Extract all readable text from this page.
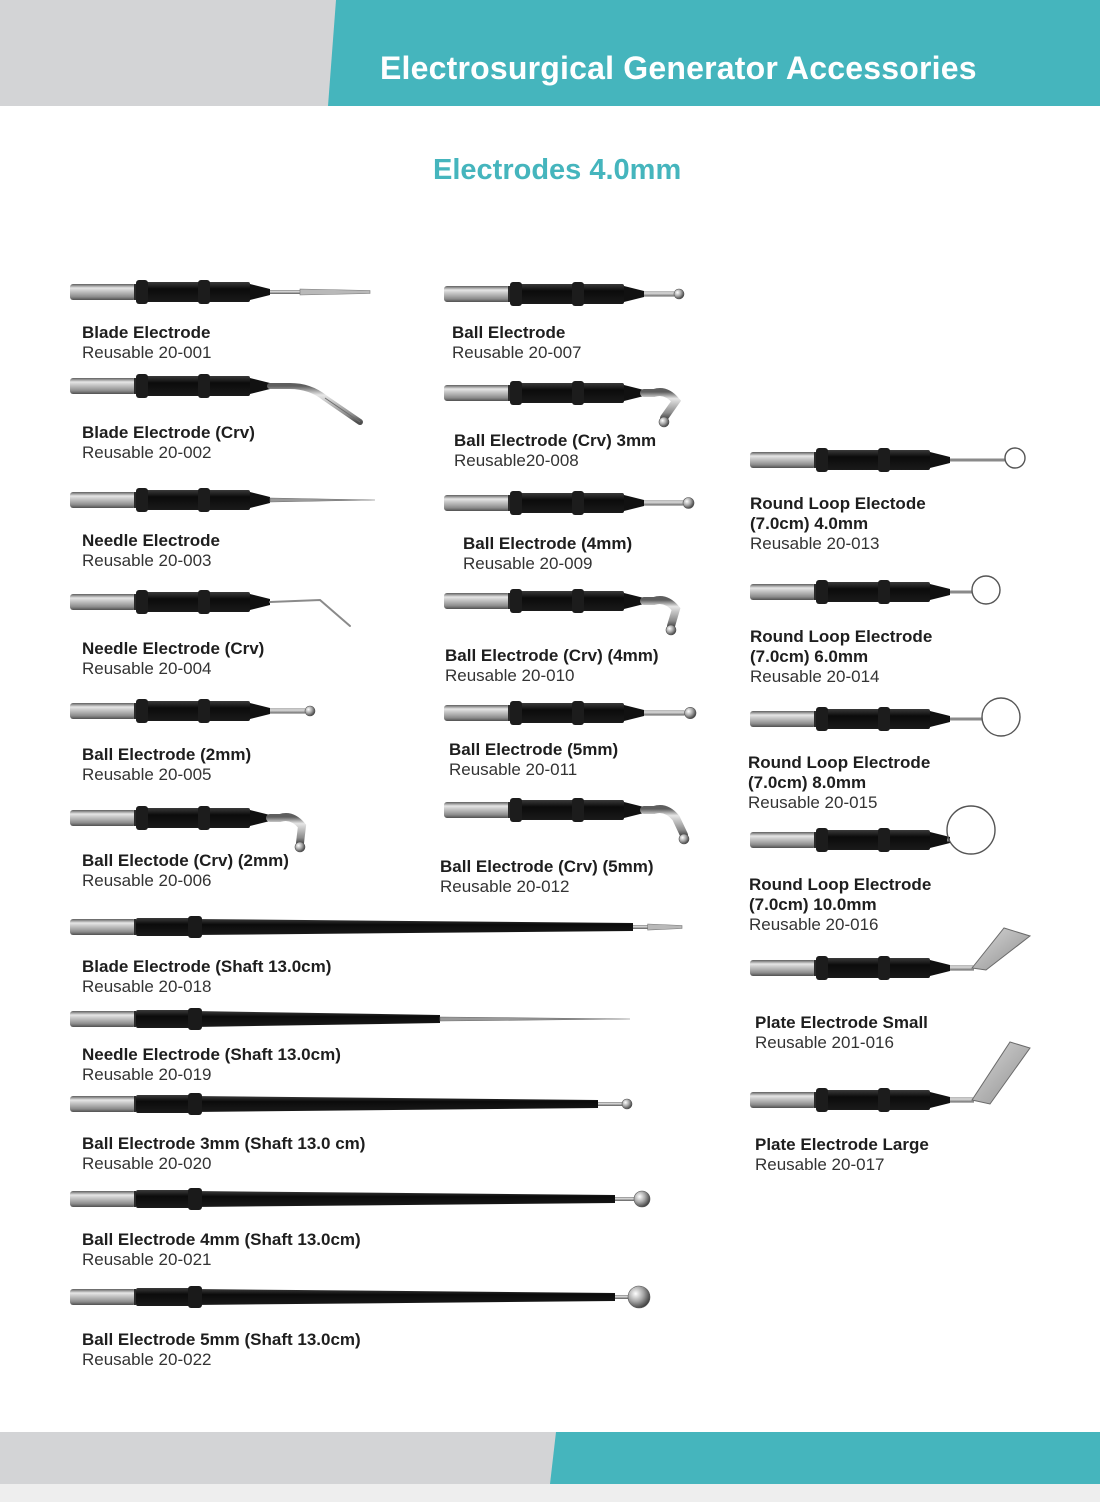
Electrosurgical Generator Accessories
Electrodes 4.0mm
Blade Electrode
Reusable 20-001
Blade Electrode (Crv)
Reusable 20-002
Needle Electrode
Reusable 20-003
Needle Electrode (Crv)
Reusable 20-004
Ball Electrode (2mm)
Reusable 20-005
Ball Electode (Crv) (2mm)
Reusable 20-006
Ball Electrode
Reusable 20-007
Ball Electrode (Crv) 3mm
Reusable20-008
Ball Electrode (4mm)
Reusable 20-009
Ball Electrode (Crv) (4mm)
Reusable 20-010
Ball Electrode (5mm)
Reusable 20-011
Ball Electrode (Crv) (5mm)
Reusable 20-012
Round Loop Electode
(7.0cm) 4.0mm
Reusable 20-013
Round Loop Electrode
(7.0cm) 6.0mm
Reusable 20-014
Round Loop Electrode
(7.0cm) 8.0mm
Reusable 20-015
Round Loop Electrode
(7.0cm) 10.0mm
Reusable 20-016
Plate Electrode Small
Reusable 201-016
Plate Electrode Large
Reusable 20-017
Blade Electrode (Shaft 13.0cm)
Reusable 20-018
Needle Electrode (Shaft 13.0cm)
Reusable 20-019
Ball Electrode 3mm (Shaft 13.0 cm)
Reusable 20-020
Ball Electrode 4mm (Shaft 13.0cm)
Reusable 20-021
Ball Electrode 5mm (Shaft 13.0cm)
Reusable 20-022
